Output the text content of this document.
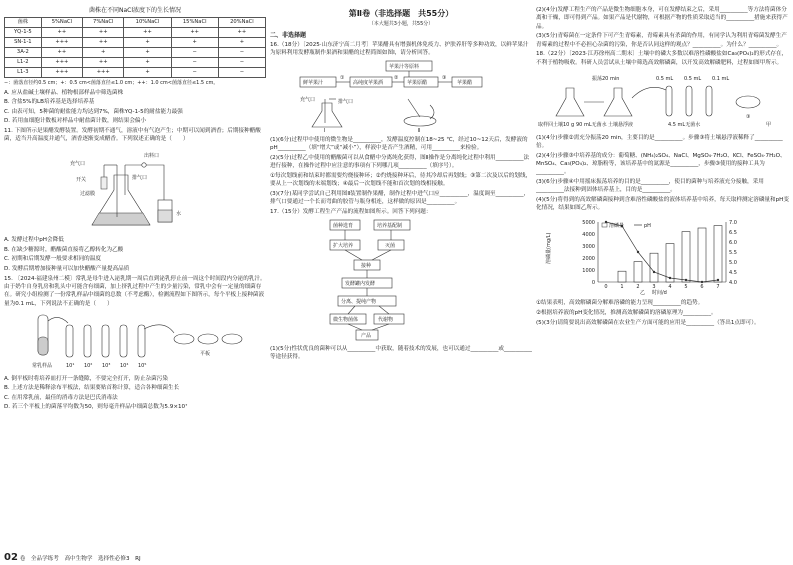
菌株在不同NaCl浓度下的生长情况

菌株	5%NaCl	7%NaCl	10%NaCl	15%NaCl	20%NaCl
YQ-1-5	++	++	++	++	++
SN-1-1	+++	++	+	+	+
3A-2	++	+	+	−	−
L1-2	+++	++	+	−	−
L1-3	+++	+++	+	−	−

−：菌落直径约0.5 cm；+：0.5 cm<菌落直径≤1.0 cm；++：1.0 cm<菌落直径≤1.5 cm。

A. 应从盐碱土壤样品、植物根部样品中筛选菌株

B. 含盐5%的LB培养基是选择培养基

C. 由表可知，5种菌的耐盐能力均达到7%，菌株YQ-1-5的耐盐能力最强

D. 若用血细胞计数板对样品中耐盐菌计数，则结果会偏小

11. 下图所示是果醋发酵装置。发酵初期不通气，溶液中有气泡产生；中期可以闻到酒香；后期接种醋酸菌，适当升高温度并通气，酒香逐渐变成醋香。下列叙述正确的是（　　）

出料口
充气口
开关	排气口
水
过滤膜

A. 发酵过程中pH会降低

B. 在缺少糖源时，醋酸菌直接将乙醇转化为乙酸

C. 初期和后期发酵一般要求相同的温度

D. 发酵后期增加接种量可以加快醋酸产量提高品质

15. 〔2024·福建泉州二模〕常乳是母牛进入泌乳期一周后直到泌乳停止前一周这个时间段内分泌的乳汁。由于奶牛自身乳房和乳头中可能含有细菌，加上挤乳过程中产生的少量污染，常乳中会有一定量的细菌存在。研究小组检测了一份常乳样品中细菌的总数（不考虑酶），检测流程如下图所示，每个平板上接种菌液量为0.1 mL，下列说法不正确的是（　　）

常乳样品	10¹ 10² 10³ 10⁴ 10⁵
平板

A. 倒平板时将培养皿打开一条缝隙，不要完全打开，防止杂菌污染

B. 上述方法是稀释涂布平板法，结果要贴首称计算，适合各种细菌生长

C. 在用常乳前，最佳的消毒方法是巴氏消毒法

D. 若三个平板上的菌落平均数为50，则每毫升样品中细菌总数为5.9×10⁷

第Ⅱ卷（非选择题　共55分）

（本大题共3小题，共55分）

二、非选择题

16.（18分）〔2025·山东济宁高二月考〕苹果醋具有增强机体免疫力、护肤养肝等多种功效，以鲜苹果汁为原料利用发酵瓶制作果酒和果醋的过程简图如图I，请分析回答。

苹果汁等原料
鲜苹果汁	高纯度苹果酒	苹果原醋	苹果醋
①	②	③
充气口	排气口
Ⅰ	Ⅱ

(1)(6分)过程甲中使用的微生物是__________，发酵温度控制在18~25 ℃，经过10~12天后，发酵液的pH__________（填“增大”或“减小”），样液中是否产生酒精，可用__________来检验。

(2)(5分)过程乙中使用的醋酸菌可以从食醋中分离纯化获得，图Ⅱ操作是分离纯化过程中利用__________法进行接种，在操作过程中应注意的事项有下列哪几项__________（填序号）。

①每次划线前和结束时都需要灼烧接种环；②灼烧接种环后，待其冷却后再划线；③第二次及以后的划线，要从上一次划线的末端划线；④最后一次划线不能和首次划的线相接触。

(3)(7分)某同学尝试自己利用图Ⅱ装置制作果醋，制作过程中进气口应__________，温度调至__________，排气口要通过一个长而弯曲的胶管与瓶身相连，这样做的原因是__________。

17.（15分）发酵工程生产产品的流程如图所示。回答下列问题：

菌种选育	培养基配制
扩大培养	灭菌
接种
发酵罐内发酵
分离、提纯产物
微生物菌体	代谢物
产品

(1)(5分)性状优良的菌种可以从__________中获取，随着技术的发展，也可以通过__________或__________等途径获得。

(2)(4分)发酵工程生产的产品是微生物细胞本身，可在发酵结束之后，采用__________等方法将菌体分离和干燥，即可得到产品。如果产品是代谢物，可根据产物的性质采取适当的__________措施来获得产品。

(3)(5分)青霉菌在一定条件下可产生青霉素，青霉素具有杀菌的作用，有同学认为利用青霉菌发酵生产青霉素的过程中不必担心杂菌的污染，你是否认同这样的观点？__________。为什么？__________。

18.（22分）〔2023·江苏徐州高二期末〕土壤中的磷大多数以难溶性磷酸盐如Ca₃(PO₄)₂的形式存在，不利于植物吸收。科研人员尝试从土壤中筛选高效解磷菌，以开发高效解磷肥料，过程如图甲所示。

取样回土壤10 g 90 mL无菌水
振荡20 min
土壤悬浮液
0.5 mL 0.5 mL 0.1 mL
4.5 mL无菌水
③
甲

(1)(4分)步骤②需充分振荡20 min，主要目的是__________。步骤③将土壤悬浮液稀释了__________倍。

(2)(4分)步骤③中培养基的成分：葡萄糖、(NH₄)₂SO₄、NaCl、MgSO₄·7H₂O、KCl、FeSO₄·7H₂O、MnSO₄、Ca₃(PO₄)₂、琼脂粉等，该培养基中的氮源是__________，步骤③使用的接种工具为__________。

(3)(6分)步骤④中用摇床振荡培养的目的是__________，使目的菌种与培养液充分接触，采用__________法接种到固体培养基上，目的是__________。

(4)(5分)将得到的高效解磷菌接种到含难溶性磷酸盐的液体培养基中培养，每天取样测定溶磷量和pH变化情况，结果如图乙所示。

0
1000
2000
3000
4000
5000
4.0
4.5
5.0
5.5
6.0
6.5
7.0
0	1	2	3	4	5	6	7
溶磷量(mg/L)
时间/d
溶磷量	pH
乙

①结果表明，高效解磷菌分解难溶磷的能力呈现__________的趋势。

②根据培养液的pH变化情况，推测高效解磷菌的溶磷原理为__________。

(5)(3分)请简要说出高效解磷菌在农业生产方面可能的应用是__________（答出1点即可）。

02 卷　全品学练考　高中生物学　选择性必修3　RJ
